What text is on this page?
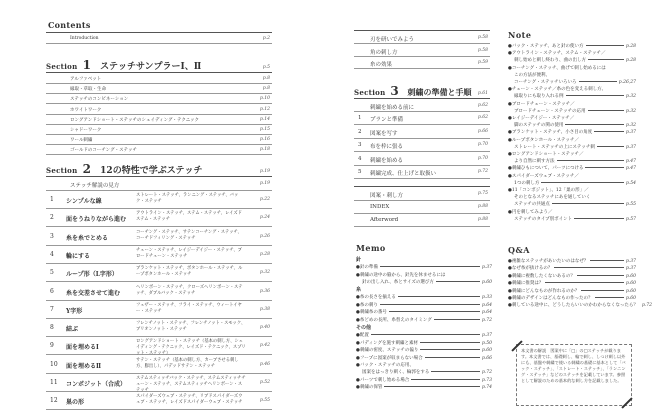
Contents
Introduction	p.2
Section 1 ステッチサンプラーⅠ、Ⅱ	p.5
アルファベット	p.8
縁取・草取・生命	p.8
ステッチのコンビネーション	p.10
ホワイトワーク	p.12
ロングアンドショート・ステッチのシェイディング・テクニック	p.14
シャドーワーク	p.15
ワール刺繍	p.16
ゴールドのコーチング・ステッチ	p.18
Section 2 12の特性で学ぶステッチ	p.19
ステッチ解説の見方	p.19
1 シンプルな線
ストレート・ステッチ、ランニング・ステッチ、バック・ステッチ	p.22
2 面をうねりながら進む
アウトライン・ステッチ、ステム・ステッチ、レイズドステム・ステッチ	p.24
3 糸を糸でとめる
コーチング・ステッチ、サテンコーチング・ステッチ、コーチドフィリング・ステッチ	p.26
4 輪にする
チェーン・ステッチ、レイジーデイジー・ステッチ、ブロードチェーン・ステッチ	p.28
5 ループ形（L字形）
ブランケット・ステッチ、ボタンホール・ステッチ、ループボタンホール・ステッチ	p.32
6 糸を交差させて進む
ヘリンボーン・ステッチ、クローズヘリンボーン・ステッチ、ダブルバック・ステッチ	p.36
7 Y字形
フェザー・ステッチ、フライ・ステッチ、ウィートイヤー・ステッチ	p.38
8 結ぶ
フレンチノット・ステッチ、フレンチノット・スモック、ブリオンノット・ステッチ	p.40
9 面を埋めるⅠ
ロングアンドショート・ステッチ（基本の刺し方、シェイディング・テクニック、レイズド・テクニック、スプリット・ステッチ）
p.42
10 面を埋めるⅡ
サテン・ステッチ（基本の刺し方、カーブさせる刺し方、膨出し）、パデッドサテン・ステッチ	p.46
11 コンポジット（合成）
ステムスティッチバック・ステッチ、ステムスティッチチェーン・ステッチ、ステムスティッチヘリンボーン・ステッチ
p.52
12 巣の形
スパイダーズウェブ・ステッチ、リブドスパイダーズウェブ・ステッチ、レイズドスパイダーウェブ・ステッチ	p.55
刃を研いでみよう	p.58
角の刺し方	p.58
糸の効果	p.59
Section 3 刺繍の準備と手順 p.61
刺繍を始める前に	p.62
1 プランと準備	p.62
2 図案を写す	p.66
3 布を枠に張る	p.70
4 刺繍を始める	p.70
5 刺繍完成、仕上げと取扱い	p.72
図案・刺し方	p.75
INDEX	p.88
Afterword	p.88
Memo
針
●針の準備	p.37
●刺繍の途中の脇から、針先を休ませるには
針の出し入れ、糸とサイズの選び方	p.60
糸
●糸の長さを揃える	p.33
●糸の刺り	p.64
●刺繍糸の番号	p.64
●糸どめの長所、糸替えのタイミング	p.72
その他
●配置	p.37
●パディングを施す刺繍と素材	p.50
●刺繍の密度、ステッチの偏り	p.60
●フープに図案が収まらない場合	p.66
●バック・ステッチの応用、
図案をはっきり刺く、輪郭をする	p.72
●パーツで刺し始める場合	p.73
●刺繍の保管	p.74
Note
●バック・ステッチ、あと針の使い方	p.28
●アウトライン・ステッチ、ステム・ステッチ／
刺し始めと刺し終わり、曲の出し方	p.28
●コーチング・ステッチ、曲げて刺し始めるには
この方法が便利、
コーチング・ステッチいろいろ	p.26,27
●チェーン・ステッチ／糸の色を変える刺し方、
縁取りにも取り入れる例	p.32
●ブロードチェーン・ステッチ／
ブロードチェーン・ステッチの応用	p.32
●レイジーデイジー・ステッチ／
脚のステッチの関の使用	p.32
●ブランケット・ステッチ、小さ目の角度	p.37
●ループボタンホール・ステッチ／
ストレート・ステッチの上にステッチ刺	p.37
●ロングアンドショート・ステッチ／
より自然に刺す方法	p.47
●刺繍ひもについて、パーツにつける	p.47
●スパイダーズウェブ・ステッチ／
1つの刺し方	p.54
●11「コンポジット」、12「巣の形」／
そのとなるステッチにあを通していく
ステッチの共通点	p.55
●円を刺してみよう／
ステッチのタイプ別ポイント	p.57
Q&A
●複雑なステッチがあいたいのはなぜ？	p.37
●なぜ糸が抜けるの？	p.37
●刺繍に複数したくないあるの？	p.60
●刺繍に推奨は？	p.60
●刺繍にどんなものが作れるのか？	p.60
●刺繍のデザインはどんなもの作ったの？	p.60
●刺している途中に、どうしたらいいのかわからなくなったら？ p.72
本文書の解説　図案中に「□」の□ステッチが載ります。本文書では、基礎刺し、輪で刺し、しつけ刺し以外にも、基盤や刺繍で使いる刺繍の基礎に基本として「バック・ステッチ」、「ストレート・ステッチ」、「ランニング・ステッチ」などのステッチを記載しています。参照として解説のための基本的な刺し方を記載しました。
